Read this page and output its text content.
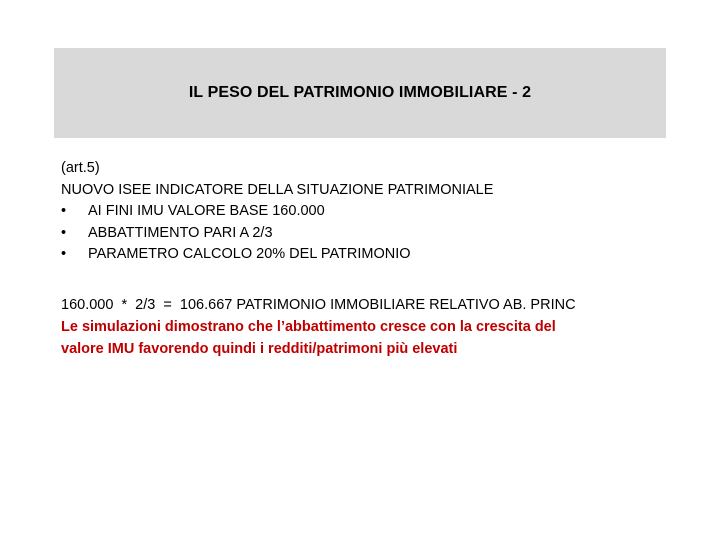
IL PESO DEL PATRIMONIO IMMOBILIARE - 2
(art.5)
NUOVO ISEE INDICATORE DELLA SITUAZIONE PATRIMONIALE
•	AI FINI IMU VALORE BASE 160.000
•	ABBATTIMENTO PARI A 2/3
•	PARAMETRO CALCOLO 20% DEL PATRIMONIO
160.000  *  2/3  =  106.667 PATRIMONIO IMMOBILIARE RELATIVO AB. PRINC
Le simulazioni dimostrano che l’abbattimento cresce con la crescita del
valore IMU favorendo quindi i redditi/patrimoni più elevati
